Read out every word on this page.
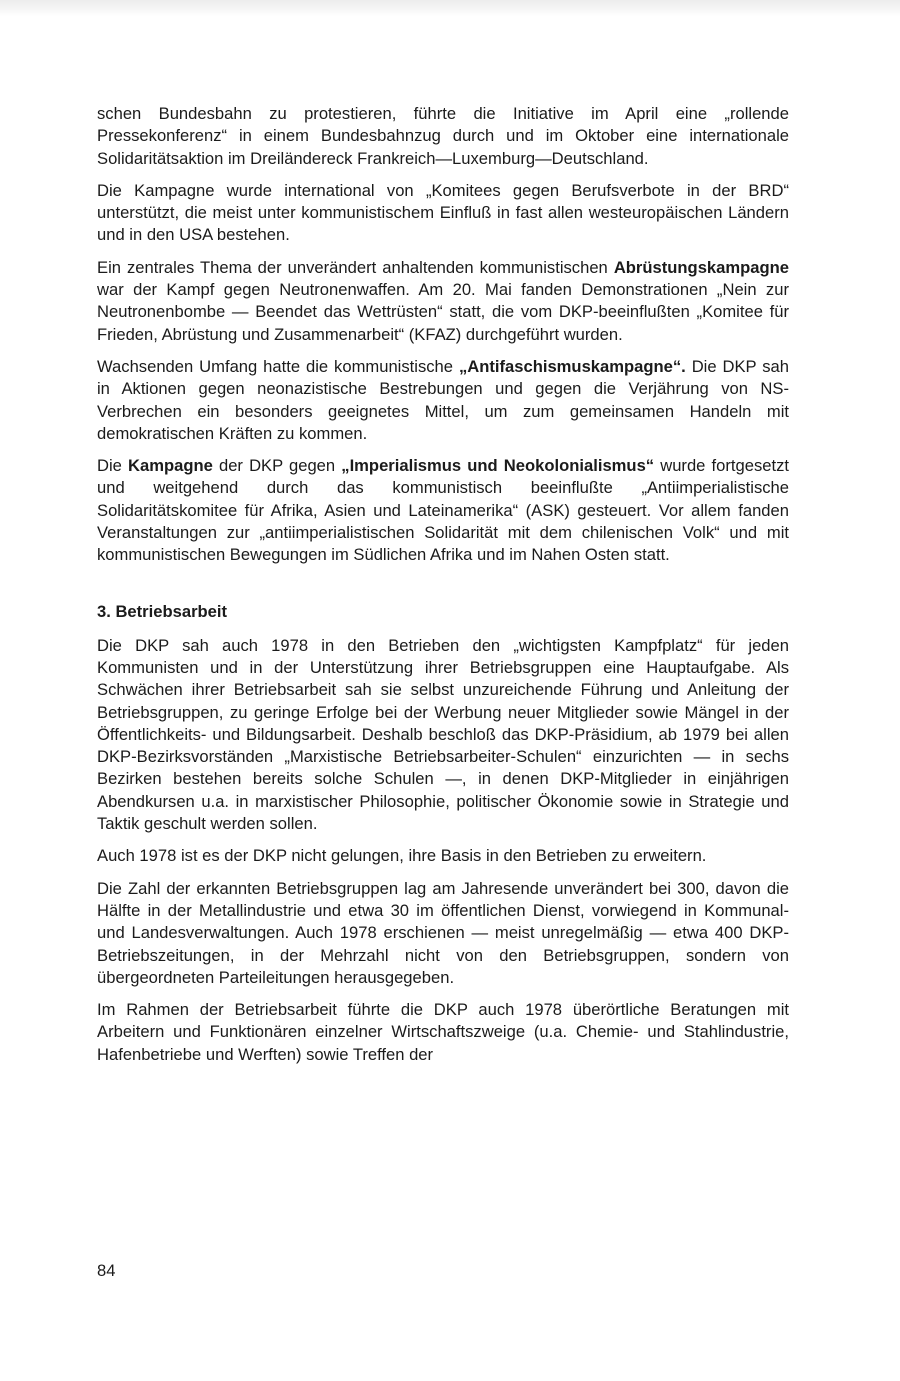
schen Bundesbahn zu protestieren, führte die Initiative im April eine „rollende Pressekonferenz“ in einem Bundesbahnzug durch und im Oktober eine internationale Solidaritätsaktion im Dreiländereck Frankreich—Luxemburg—Deutschland.

Die Kampagne wurde international von „Komitees gegen Berufsverbote in der BRD“ unterstützt, die meist unter kommunistischem Einfluß in fast allen westeuropäischen Ländern und in den USA bestehen.

Ein zentrales Thema der unverändert anhaltenden kommunistischen Abrüstungskampagne war der Kampf gegen Neutronenwaffen. Am 20. Mai fanden Demonstrationen „Nein zur Neutronenbombe — Beendet das Wettrüsten“ statt, die vom DKP-beeinflußten „Komitee für Frieden, Abrüstung und Zusammenarbeit“ (KFAZ) durchgeführt wurden.

Wachsenden Umfang hatte die kommunistische „Antifaschismuskampagne“. Die DKP sah in Aktionen gegen neonazistische Bestrebungen und gegen die Verjährung von NS-Verbrechen ein besonders geeignetes Mittel, um zum gemeinsamen Handeln mit demokratischen Kräften zu kommen.

Die Kampagne der DKP gegen „Imperialismus und Neokolonialismus“ wurde fortgesetzt und weitgehend durch das kommunistisch beeinflußte „Antiimperialistische Solidaritätskomitee für Afrika, Asien und Lateinamerika“ (ASK) gesteuert. Vor allem fanden Veranstaltungen zur „antiimperialistischen Solidarität mit dem chilenischen Volk“ und mit kommunistischen Bewegungen im Südlichen Afrika und im Nahen Osten statt.

3. Betriebsarbeit

Die DKP sah auch 1978 in den Betrieben den „wichtigsten Kampfplatz“ für jeden Kommunisten und in der Unterstützung ihrer Betriebsgruppen eine Hauptaufgabe. Als Schwächen ihrer Betriebsarbeit sah sie selbst unzureichende Führung und Anleitung der Betriebsgruppen, zu geringe Erfolge bei der Werbung neuer Mitglieder sowie Mängel in der Öffentlichkeits- und Bildungsarbeit. Deshalb beschloß das DKP-Präsidium, ab 1979 bei allen DKP-Bezirksvorständen „Marxistische Betriebsarbeiter-Schulen“ einzurichten — in sechs Bezirken bestehen bereits solche Schulen —, in denen DKP-Mitglieder in einjährigen Abendkursen u.a. in marxistischer Philosophie, politischer Ökonomie sowie in Strategie und Taktik geschult werden sollen.

Auch 1978 ist es der DKP nicht gelungen, ihre Basis in den Betrieben zu erweitern.

Die Zahl der erkannten Betriebsgruppen lag am Jahresende unverändert bei 300, davon die Hälfte in der Metallindustrie und etwa 30 im öffentlichen Dienst, vorwiegend in Kommunal- und Landesverwaltungen. Auch 1978 erschienen — meist unregelmäßig — etwa 400 DKP-Betriebszeitungen, in der Mehrzahl nicht von den Betriebsgruppen, sondern von übergeordneten Parteileitungen herausgegeben.

Im Rahmen der Betriebsarbeit führte die DKP auch 1978 überörtliche Beratungen mit Arbeitern und Funktionären einzelner Wirtschaftszweige (u.a. Chemie- und Stahlindustrie, Hafenbetriebe und Werften) sowie Treffen der

84
